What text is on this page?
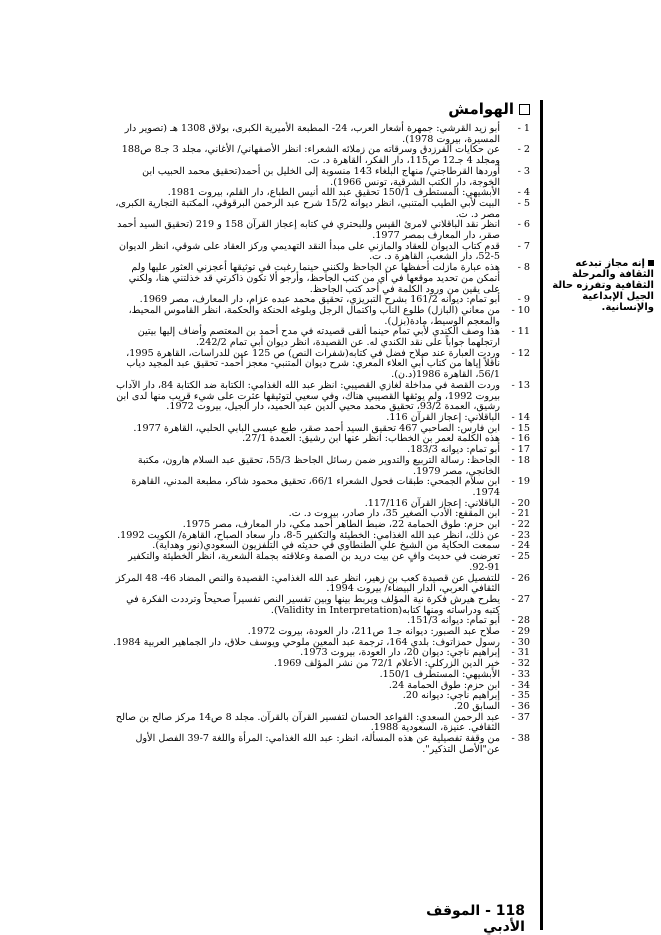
إنه مجاز تبدعه الثقافة والمرحلة الثقافية وتفرزه حالة الجيل الإبداعية والإنسانية.
الهوامش
1 -
أبو زيد القرشي: جمهرة أشعار العرب، 24- المطبعة الأميرية الكبرى، بولاق 1308 هـ (تصوير دار المسيرة، بيروت 1978).
2 -
عن حكايات الفرزدق وسرقاته من زملائه الشعراء: انظر الأصفهاني/ الأغاني، مجلد 3 جـ8 ص188 ومجلد 4 جـ12 ص115، دار الفكر، القاهرة د. ت.
3 -
أوردها القرطاجني/ منهاج البلغاء 143 منسوبة إلى الخليل بن أحمد(تحقيق محمد الحبيب ابن الخوجة، دار الكتب الشرقية، تونس 1966).
4 -
الأبشيهي: المستطرف 150/1 تحقيق عبد الله أنيس الطباع، دار القلم، بيروت 1981.
5 -
البيت لأبي الطيب المتنبي، انظر ديوانه 15/2 شرح عبد الرحمن البرقوقي، المكتبة التجارية الكبرى، مصر د. ت.
6 -
انظر نقد الباقلاني لامرئ القيس وللبحتري في كتابه إعجاز القرآن 158 و 219 (تحقيق السيد أحمد صقر، دار المعارف بمصر 1977.
7 -
قدم كتاب الديوان للعقاد والمازني على مبدأ النقد التهديمي وركز العقاد على شوقي، انظر الديوان 5-52، دار الشعب، القاهرة د. ت.
8 -
هذه عبارة مازلت أحفظها عن الجاحظ ولكنني حينما رغبت في توثيقها أعجزني العثور عليها ولم أتمكن من تحديد موقعها في أي من كتب الجاحظ، وأرجو ألا تكون ذاكرتي قد خذلتني هنا، ولكني على يقين من ورود الكلمة في أحد كتب الجاحظ.
9 -
أبو تمام: ديوانه 161/2 بشرح التبريزي، تحقيق محمد عبده عزام، دار المعارف، مصر 1969.
10 -
من معاني (البازل) طلوع الناب واكتمال الرجل وبلوغه الحنكة والحكمة، انظر القاموس المحيط، والمعجم الوسيط، مادة(بزل).
11 -
هذا وصف الكندي لأبي تمام حينما ألقى قصيدته في مدح أحمد بن المعتصم وأضاف إليها بيتين ارتجلهما جواباً على نقد الكندي له. عن القصيدة، انظر ديوان أبي تمام 242/2.
12 -
وردت العبارة عند صلاح فضل في كتابه(شفرات النص) ص 125 عين للدراسات، القاهرة 1995، ناقلاً إياها من كتاب أبي العلاء المعري: شرح ديوان المتنبي- معجز أحمد- تحقيق عبد المجيد دياب 56/1، القاهرة 1986(د.ن).
13 -
وردت القصة في مداخلة لغازي القصيبي: انظر عبد الله الغذامي: الكتابة ضد الكتابة 84، دار الآداب بيروت 1992، ولم يوثقها القصيبي هناك، وفي سعيي لتوثيقها عثرت على شيء قريب منها لدى ابن رشيق، العمدة 93/2، تحقيق محمد محيي الدين عبد الحميد، دار الجيل، بيروت 1972.
14 -
الباقلاني: إعجاز القرآن 116.
15 -
ابن فارس: الصاحبي 467 تحقيق السيد أحمد صقر، طبع عيسى البابي الحلبي، القاهرة 1977.
16 -
هذه الكلمة لعمر بن الخطاب: انظر عنها ابن رشيق: العمدة 27/1.
17 -
أبو تمام: ديوانه 183/3.
18 -
الجاحظ: رسالة التربيع والتدوير ضمن رسائل الجاحظ 55/3، تحقيق عبد السلام هارون، مكتبة الخانجي، مصر 1979.
19 -
ابن سلام الجمحي: طبقات فحول الشعراء 66/1، تحقيق محمود شاكر، مطبعة المدني، القاهرة 1974.
20 -
الباقلاني: إعجاز القرآن 117/116.
21 -
ابن المقفع: الأدب الصغير 35، دار صادر، بيروت د. ت.
22 -
ابن حزم: طوق الحمامة 22، ضبط الطاهر أحمد مكي، دار المعارف، مصر 1975.
23 -
عن ذلك، انظر عبد الله الغذامي: الخطيئة والتكفير 5-8، دار سعاد الصباح، القاهرة/ الكويت 1992.
24 -
سمعت الحكاية من الشيخ علي الطنطاوي في حديثه في التلفزيون السعودي(نور وهداية).
25 -
تعرضت في حديث وافٍ عن بيت دريد بن الصمة وعلاقته بجملة الشعرية، انظر الخطيئة والتكفير 91-92.
26 -
للتفصيل عن قصيدة كعب بن زهير، انظر عبد الله الغذامي: القصيدة والنص المضاد 46- 48 المركز الثقافي العربي، الدار البيضاء/ بيروت 1994.
27 -
يطرح هيرش فكرة نية المؤلف ويربط بينها وبين تفسير النص تفسيراً صحيحاً وترددت الفكرة في كتبه ودراساته ومنها كتابه(Validity in Interpretation).
28 -
أبو تمام: ديوانه 151/3.
29 -
صلاح عبد الصبور: ديوانه جـ1 ص211، دار العودة، بيروت 1972.
30 -
رسول حمزاتوف: بلدي 164، ترجمة عبد المعين ملوحي ويوسف حلاق، دار الجماهير العربية 1984.
31 -
إبراهيم ناجي: ديوان 20، دار العودة، بيروت 1973.
32 -
خير الدين الزركلي: الأعلام 72/1 من نشر المؤلف 1969.
33 -
الأبشيهي: المستطرف 150/1.
34 -
ابن حزم: طوق الحمامة 24.
35 -
إبراهيم ناجي: ديوانه 20.
36 -
السابق 20.
37 -
عبد الرحمن السعدي: القواعد الحسان لتفسير القرآن بالقرآن. مجلد 8 ص14 مركز صالح بن صالح الثقافي. عنيزة، السعودية 1988.
38 -
من وقفة تفصيلية عن هذه المسألة، انظر: عبد الله الغذامي: المرأة واللغة 7-39 الفصل الأول عن"الأصل التذكير".
118 - الموقف الأدبي
